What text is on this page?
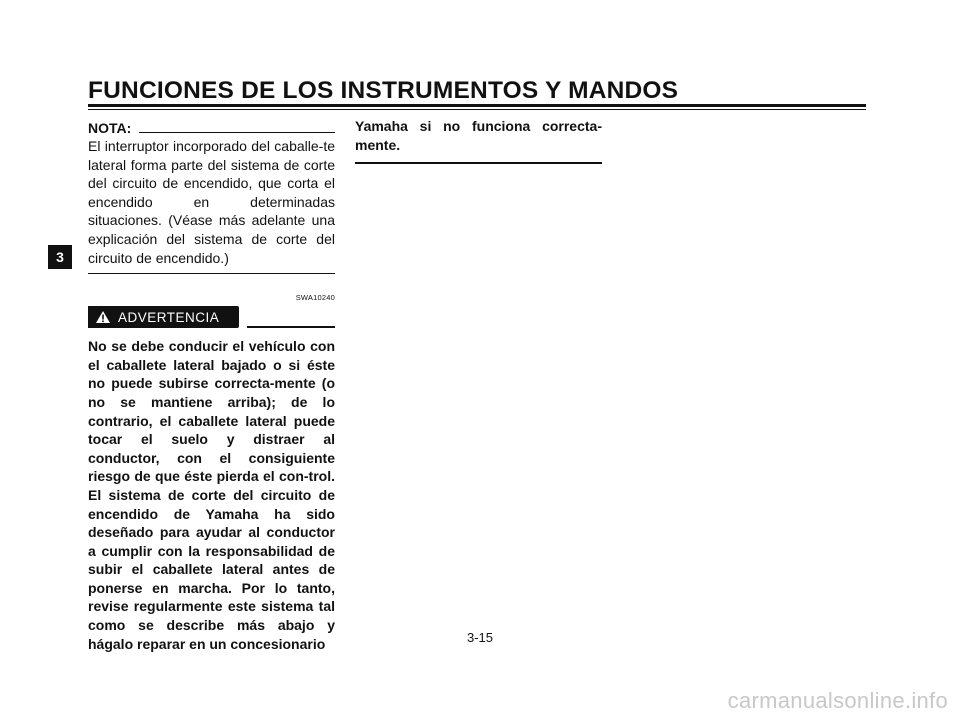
FUNCIONES DE LOS INSTRUMENTOS Y MANDOS
3
NOTA:

El interruptor incorporado del caballe-te lateral forma parte del sistema de corte del circuito de encendido, que corta el encendido en determinadas situaciones. (Véase más adelante una explicación del sistema de corte del circuito de encendido.)

SWA10240
ADVERTENCIA

No se debe conducir el vehículo con el caballete lateral bajado o si éste no puede subirse correcta-mente (o no se mantiene arriba); de lo contrario, el caballete lateral puede tocar el suelo y distraer al conductor, con el consiguiente riesgo de que éste pierda el con-trol. El sistema de corte del circuito de encendido de Yamaha ha sido deseñado para ayudar al conductor a cumplir con la responsabilidad de subir el caballete lateral antes de ponerse en marcha. Por lo tanto, revise regularmente este sistema tal como se describe más abajo y hágalo reparar en un concesionario

Yamaha si no funciona correcta-mente.

3-15
carmanualsonline.info
